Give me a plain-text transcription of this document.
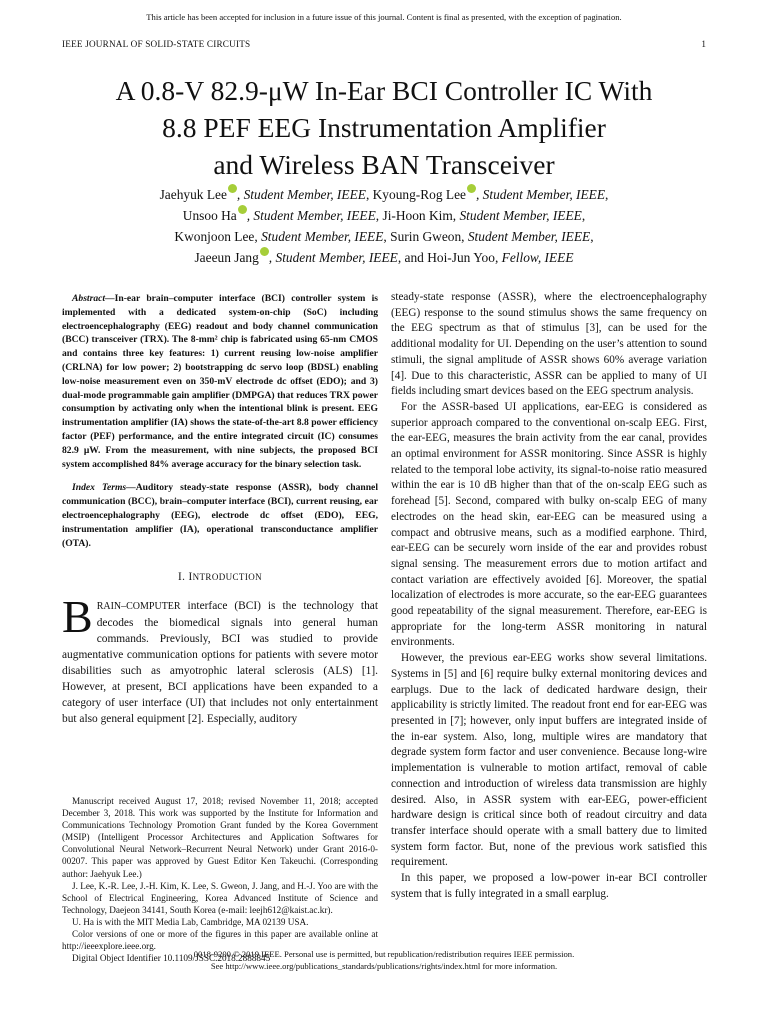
This article has been accepted for inclusion in a future issue of this journal. Content is final as presented, with the exception of pagination.
IEEE JOURNAL OF SOLID-STATE CIRCUITS	1
A 0.8-V 82.9-μW In-Ear BCI Controller IC With
8.8 PEF EEG Instrumentation Amplifier
and Wireless BAN Transceiver
Jaehyuk Lee , Student Member, IEEE, Kyoung-Rog Lee , Student Member, IEEE,
Unsoo Ha , Student Member, IEEE, Ji-Hoon Kim, Student Member, IEEE,
Kwonjoon Lee, Student Member, IEEE, Surin Gweon, Student Member, IEEE,
Jaeeun Jang , Student Member, IEEE, and Hoi-Jun Yoo, Fellow, IEEE
Abstract—In-ear brain–computer interface (BCI) controller system is implemented with a dedicated system-on-chip (SoC) including electroencephalography (EEG) readout and body channel communication (BCC) transceiver (TRX). The 8-mm² chip is fabricated using 65-nm CMOS and contains three key features: 1) current reusing low-noise amplifier (CRLNA) for low power; 2) bootstrapping dc servo loop (BDSL) enabling low-noise measurement even on 350-mV electrode dc offset (EDO); and 3) dual-mode programmable gain amplifier (DMPGA) that reduces TRX power consumption by activating only when the intentional blink is present. EEG instrumentation amplifier (IA) shows the state-of-the-art 8.8 power efficiency factor (PEF) performance, and the entire integrated circuit (IC) consumes 82.9 μW. From the measurement, with nine subjects, the proposed BCI system accomplished 84% average accuracy for the binary selection task.
Index Terms—Auditory steady-state response (ASSR), body channel communication (BCC), brain–computer interface (BCI), current reusing, ear electroencephalography (EEG), electrode dc offset (EDO), EEG, instrumentation amplifier (IA), operational transconductance amplifier (OTA).
I. INTRODUCTION
BRAIN–COMPUTER interface (BCI) is the technology that decodes the biomedical signals into general human commands. Previously, BCI was studied to provide augmentative communication options for patients with severe motor disabilities such as amyotrophic lateral sclerosis (ALS) [1]. However, at present, BCI applications have been expanded to a category of user interface (UI) that includes not only entertainment but also general equipment [2]. Especially, auditory

Manuscript received August 17, 2018; revised November 11, 2018; accepted December 3, 2018. This work was supported by the Institute for Information and Communications Technology Promotion Grant funded by the Korea Government (MSIP) (Intelligent Processor Architectures and Application Softwares for Convolutional Neural Network–Recurrent Neural Network) under Grant 2016-0-00207. This paper was approved by Guest Editor Ken Takeuchi. (Corresponding author: Jaehyuk Lee.)

J. Lee, K.-R. Lee, J.-H. Kim, K. Lee, S. Gweon, J. Jang, and H.-J. Yoo are with the School of Electrical Engineering, Korea Advanced Institute of Science and Technology, Daejeon 34141, South Korea (e-mail: leejh612@kaist.ac.kr).

U. Ha is with the MIT Media Lab, Cambridge, MA 02139 USA.

Color versions of one or more of the figures in this paper are available online at http://ieeexplore.ieee.org.

Digital Object Identifier 10.1109/JSSC.2018.2888845

steady-state response (ASSR), where the electroencephalography (EEG) response to the sound stimulus shows the same frequency on the EEG spectrum as that of stimulus [3], can be used for the additional modality for UI. Depending on the user’s attention to sound stimuli, the signal amplitude of ASSR shows 60% average variation [4]. Due to this characteristic, ASSR can be applied to many of UI fields including smart devices based on the EEG spectrum analysis.

For the ASSR-based UI applications, ear-EEG is considered as superior approach compared to the conventional on-scalp EEG. First, the ear-EEG, measures the brain activity from the ear canal, provides an optimal environment for ASSR monitoring. Since ASSR is highly related to the temporal lobe activity, its signal-to-noise ratio measured within the ear is 10 dB higher than that of the on-scalp EEG such as forehead [5]. Second, compared with bulky on-scalp EEG of many electrodes on the head skin, ear-EEG can be measured using a compact and obtrusive means, such as a modified earphone. Third, ear-EEG can be securely worn inside of the ear and provides robust signal sensing. The measurement errors due to motion artifact and contact variation are effectively avoided [6]. Moreover, the spatial localization of electrodes is more accurate, so the ear-EEG guarantees good repeatability of the signal measurement. Therefore, ear-EEG is appropriate for the long-term ASSR monitoring in natural environments.

However, the previous ear-EEG works show several limitations. Systems in [5] and [6] require bulky external monitoring devices and earplugs. Due to the lack of dedicated hardware design, their applicability is strictly limited. The readout front end for ear-EEG was presented in [7]; however, only input buffers are integrated inside of the in-ear system. Also, long, multiple wires are mandatory that degrade system form factor and user convenience. Because long-wire implementation is vulnerable to motion artifact, removal of cable connection and introduction of wireless data transmission are highly desired. Also, in ASSR system with ear-EEG, power-efficient hardware design is critical since both of readout circuitry and data transfer interface should operate with a small battery due to limited system form factor. But, none of the previous work satisfied this requirement.

In this paper, we proposed a low-power in-ear BCI controller system that is fully integrated in a small earplug.

0018-9200 © 2019 IEEE. Personal use is permitted, but republication/redistribution requires IEEE permission.
See http://www.ieee.org/publications_standards/publications/rights/index.html for more information.
